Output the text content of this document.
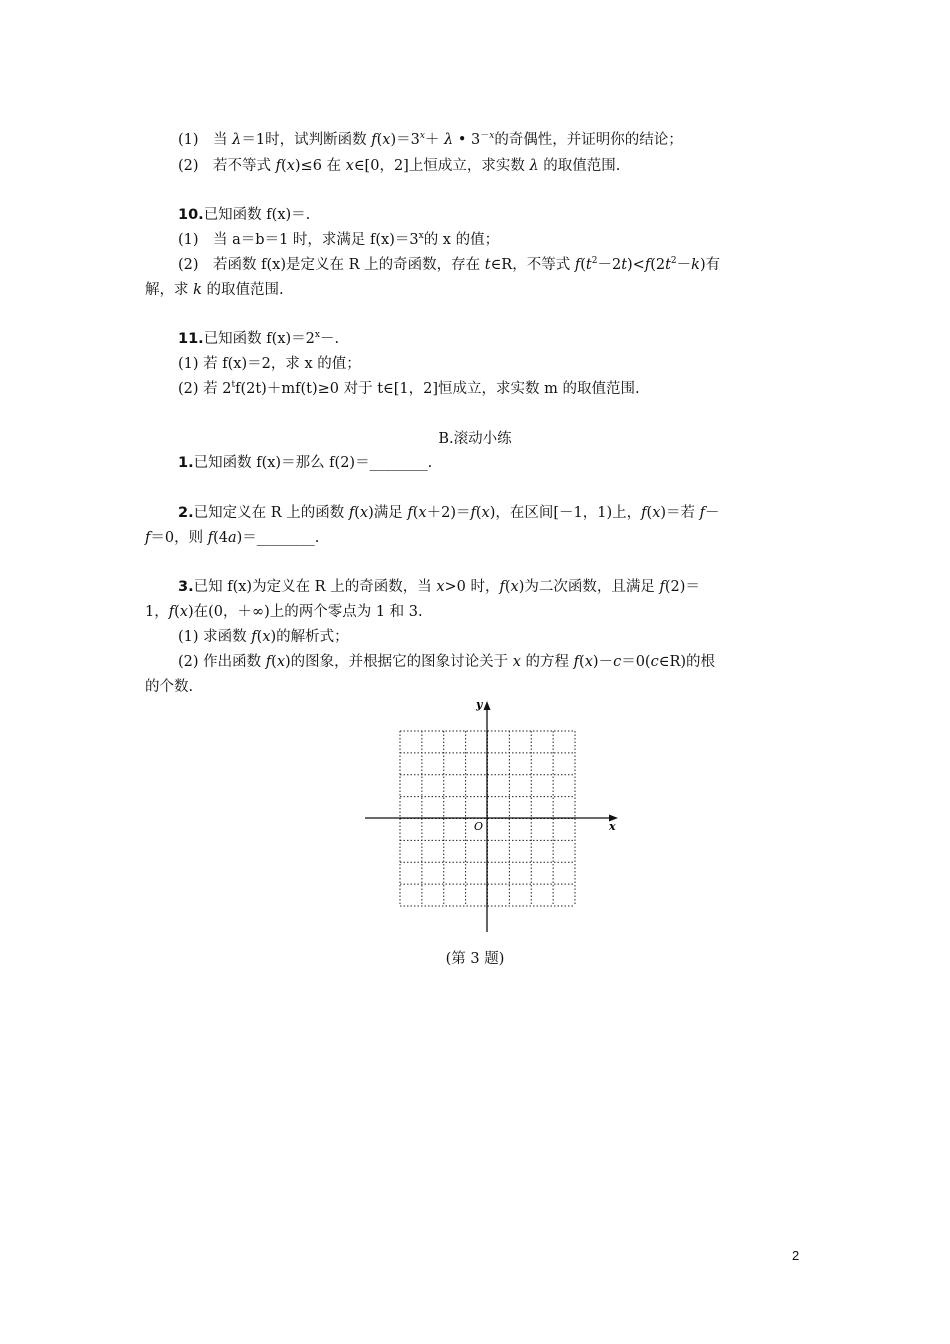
(1)　当 λ＝1时，试判断函数 $f(x)=3^x+ \lambda$ • $3^{-x}$的奇偶性，并证明你的结论；
(2)　若不等式 f(x)≤6 在 x∈[0，2]上恒成立，求实数 λ 的取值范围.
10.已知函数 f(x)＝.
(1)　当 a＝b＝1 时，求满足 $f(x)=3^x$的 x 的值；
(2)　若函数 f(x)是定义在 R 上的奇函数，存在 t∈R，不等式 $f(t^2-2t)<f(2t^2-k)$有
解，求 k 的取值范围.
11.已知函数 $f(x)=2^x-$.
(1) 若 f(x)＝2，求 x 的值；
(2) 若 $2^tf(2t)+mf(t)\ge 0$ 对于 t∈[1，2]恒成立，求实数 m 的取值范围.
B.滚动小练
1.已知函数 f(x)＝那么 f(2)＝________.
2.已知定义在 R 上的函数 f(x)满足 f(x＋2)＝f(x)，在区间[－1，1)上，f(x)＝若 f－
f＝0，则 f(4a)＝________.
3.已知 f(x)为定义在 R 上的奇函数，当 x>0 时，f(x)为二次函数，且满足 f(2)＝
1，f(x)在(0，＋∞)上的两个零点为 1 和 3.
(1) 求函数 f(x)的解析式；
(2) 作出函数 f(x)的图象，并根据它的图象讨论关于 x 的方程 f(x)－c＝0(c∈R)的根
的个数.
(第 3 题)
x
y
O
2
